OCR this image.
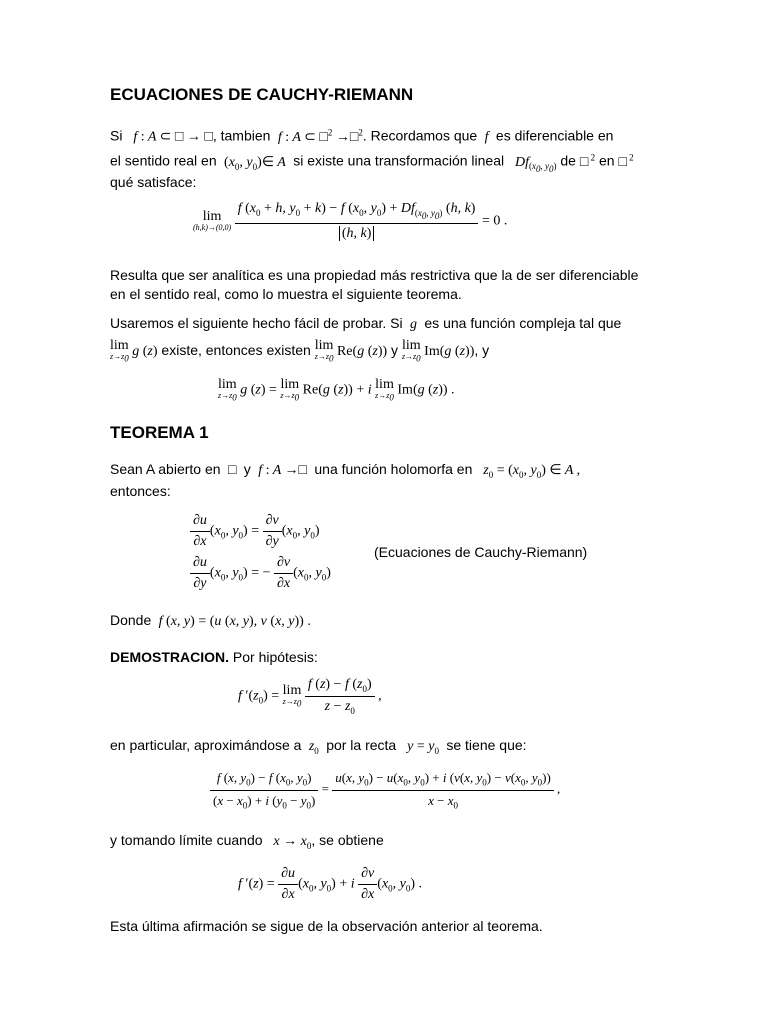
ECUACIONES DE CAUCHY-RIEMANN
Si   f : A ⊂ □ → □, tambien  f : A ⊂ □$^2$ →□$^2$. Recordamos que  f  es diferenciable en
el sentido real en ($x_0$, $y_0)\in$ A  si existe una transformación lineal   $Df_{(x_0, y_0)}$ de □ $^2$ en □ $^2$
qué satisface:
lim
(h,k)→(0,0)
$\frac{f (x_0 + h, y_0 + k) - f (x_0, y_0) + Df_{(x_0, y_0)} (h, k)}{(h, k)} = 0$ .
Resulta que ser analítica es una propiedad más restrictiva que la de ser diferenciable
en el sentido real, como lo muestra el siguiente teorema.
Usaremos el siguiente hecho fácil de probar. Si  g  es una función compleja tal que
lim
$z\to z_0$
g (z) existe, entonces existen lim
$z\to z_0$
Re(g (z)) y lim
$z\to z_0$
Im(g (z)), y
lim
$z\to z_0$
g (z) = lim
$z\to z_0$
Re(g (z)) + i lim
$z\to z_0$
Im(g (z)) .
TEOREMA 1
Sean A abierto en □ y  f : A →□ una función holomorfa en   $z_0 = (x_0$, $y_0$) ∈ A ,
entonces:
$\frac{\partial u}{\partial x} (x_0$, $y_0) = \frac{\partial v}{\partial y} (x_0$, $y_0$)
$\frac{\partial u}{\partial y} (x_0$, $y_0$) = − $\frac{\partial v}{\partial x} (x_0$, $y_0$)
(Ecuaciones de Cauchy-Riemann)
Donde  f (x, y) = (u (x, y), v (x, y)) .
DEMOSTRACION. Por hipótesis:
f $'(z_0) = \lim$
$z\to z_0$
$\frac{f (z) - f (z_0)}{z - z_0}$ ,
en particular, aproximándose a  $z_0$ por la recta   $y = y_0$ se tiene que:
$\frac{f (x, y_0) - f (x_0, y_0)}{(x - x_0) + i (y_0 - y_0)} = \frac{u(x, y_0) - u(x_0, y_0) + i (v(x, y_0) - v(x_0, y_0))}{x - x_0}$ ,
y tomando límite cuando   $x \to x_0$, se obtiene
f $'(z) = \frac{\partial u}{\partial x} (x_0$, $y_0) + i \frac{\partial v}{\partial x} (x_0$, $y_0$) .
Esta última afirmación se sigue de la observación anterior al teorema.
